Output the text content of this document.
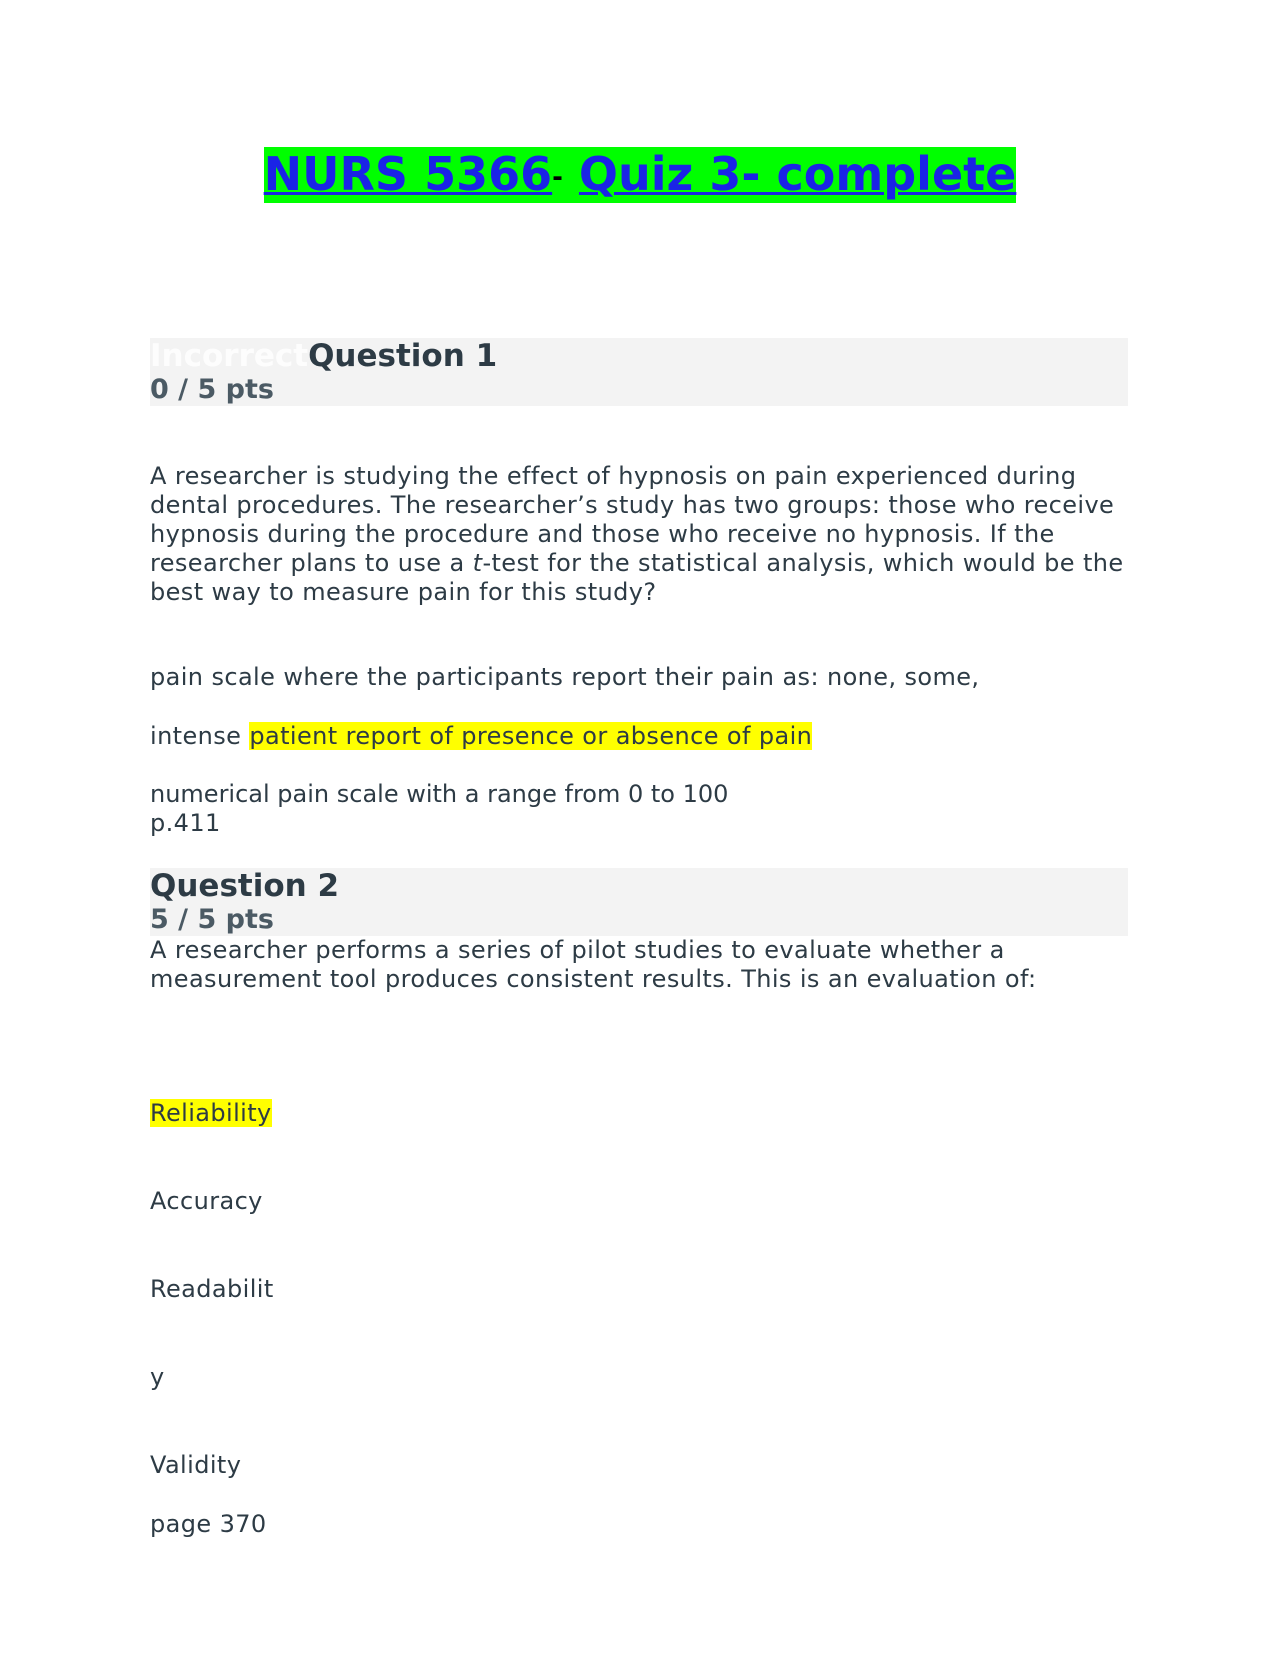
NURS 5366- Quiz 3- complete
IncorrectQuestion 1
0 / 5 pts
A researcher is studying the effect of hypnosis on pain experienced during dental procedures. The researcher’s study has two groups: those who receive hypnosis during the procedure and those who receive no hypnosis. If the researcher plans to use a t-test for the statistical analysis, which would be the best way to measure pain for this study?
pain scale where the participants report their pain as: none, some,
intense patient report of presence or absence of pain
numerical pain scale with a range from 0 to 100
p.411
Question 2
5 / 5 pts
A researcher performs a series of pilot studies to evaluate whether a measurement tool produces consistent results. This is an evaluation of:
Reliability
Accuracy
Readabilit
y
Validity
page 370
